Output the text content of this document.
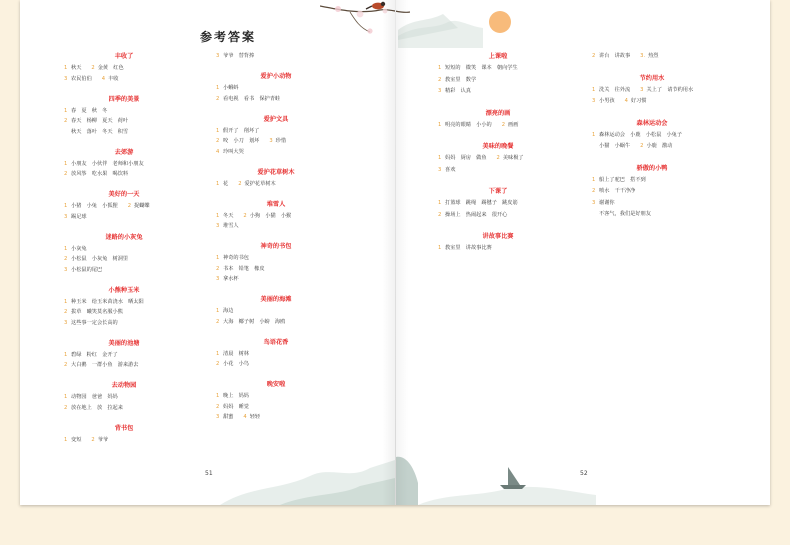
参考答案
丰收了
1 秋天 2 金黄　红色
3 农民伯伯 4 丰收
四季的美景
1 春　夏　秋　冬
2 春天　杨柳　夏天　荷叶
秋天　落叶　冬天　积雪
去郊游
1 小朋友　小伙伴　老师和小朋友
2 放风筝　吃水果　喝饮料
美好的一天
1 小猪　小兔　小狐狸 2 捉蝴蝶
3 踢足球
迷路的小灰兔
1 小灰兔
2 小松鼠　小灰兔　树洞里
3 小松鼠的尾巴
小熊种玉米
1 种玉米　给玉米苗浇水　晒太阳
2 拔草　曦笑莫名服小熊
3 这些事一定会长高的
美丽的池塘
1 碧绿　粉红　金开了
2 大白鹅　一群小鱼　游来游去
去动物园
1 动物园　爸爸　妈妈
2 放在地上　放　拉起来
背书包
1 变短 2 爷爷
3 爷爷　替背捧
爱护小动物
1 小蝌蚪
2 看电视　看书　保护青蛙
爱护文具
1 假开了　削坏了
2 咬　小刀　划坏 3 珍惜
4 玲叫大哭
爱护花草树木
1 花 2 爱护花草树木
堆雪人
1 冬天 2 小狗　小猫　小猴
3 堆雪人
神奇的书包
1 神奇的书包
2 书本　铅笔　橡皮
3 拿水杯
美丽的海滩
1 海边
2 大海　椰子树　小螃　海鸥
鸟语花香
1 清晨　树林
2 小花　小鸟
晚安啦
1 晚上　妈妈
2 妈妈　睡觉
3 甜蜜 4 轻轻
上课啦
1 短短的　微笑　课本　朝向学生
2 教室里　数学
3 精彩　认真
漂亮的画
1 明亮的眼睛　小小的 2 画画
美味的晚餐
1 妈妈　厨房　做鱼 2 美味极了
3 喜欢
下课了
1 打篮球　跳绳　踢毽子　跳皮筋
2 操场上　热闹起来　很开心
讲故事比赛
1 教室里　讲故事比赛
2 讲台　讲故事 3. 热烈
节约用水
1 洗关　往外流 3 关上了　请节约用水
3 小男孩 4 好习惯
森林运动会
1 森林运动会　小鹿　小松鼠　小兔子
小猫　小蜗牛 2 小鹿　激动
骄傲的小鸭
1 船上了驼巴　搭不到
2 喷水　干干净净
3 谢谢你
不客气，我们是好朋友
51	52
